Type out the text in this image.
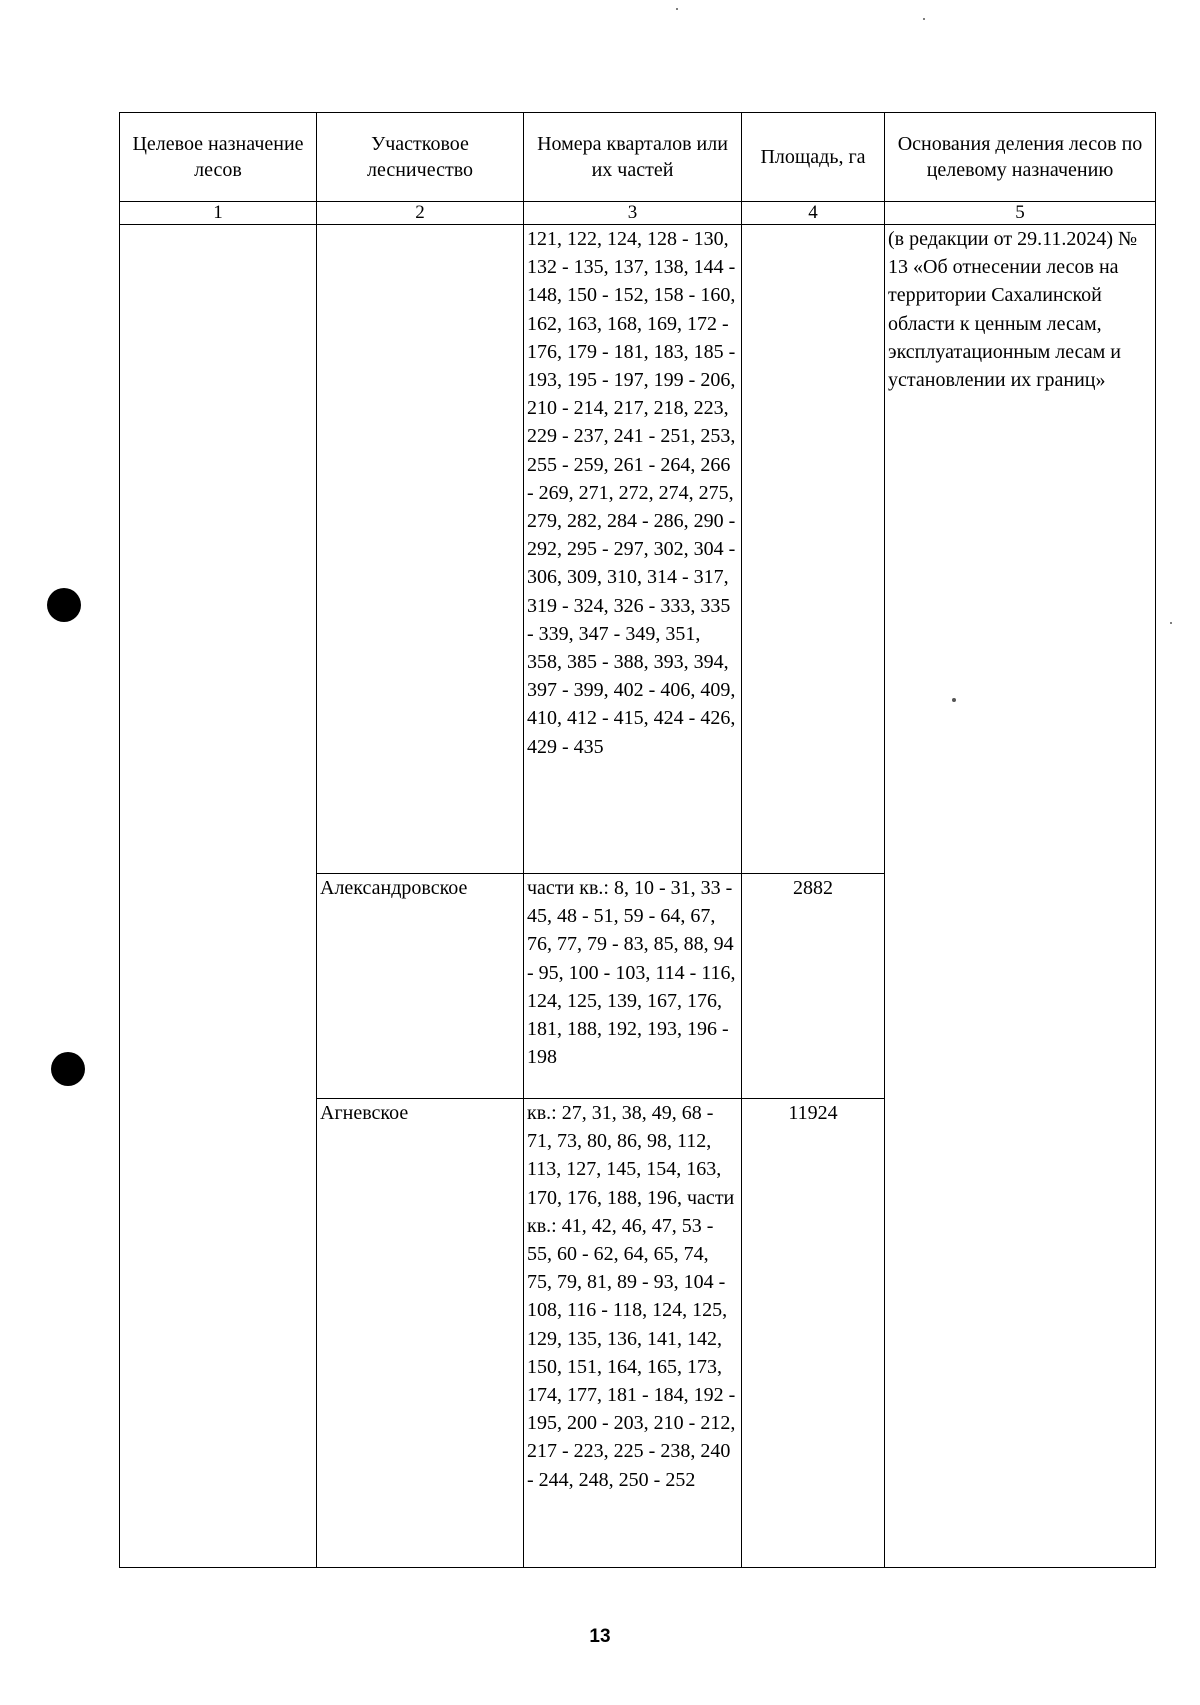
Целевое назначение лесов	Участковое лесничество	Номера кварталов или их частей	Площадь, га	Основания деления лесов по целевому назначению
1	2	3	4	5
		121, 122, 124, 128 - 130, 132 - 135, 137, 138, 144 - 148, 150 - 152, 158 - 160, 162, 163, 168, 169, 172 - 176, 179 - 181, 183, 185 - 193, 195 - 197, 199 - 206, 210 - 214, 217, 218, 223, 229 - 237, 241 - 251, 253, 255 - 259, 261 - 264, 266 - 269, 271, 272, 274, 275, 279, 282, 284 - 286, 290 - 292, 295 - 297, 302, 304 - 306, 309, 310, 314 - 317, 319 - 324, 326 - 333, 335 - 339, 347 - 349, 351, 358, 385 - 388, 393, 394, 397 - 399, 402 - 406, 409, 410, 412 - 415, 424 - 426, 429 - 435		(в редакции от 29.11.2024) № 13 «Об отнесении лесов на территории Сахалинской области к ценным лесам, эксплуатационным лесам и установлении их границ»
	Александровское	части кв.: 8, 10 - 31, 33 - 45, 48 - 51, 59 - 64, 67, 76, 77, 79 - 83, 85, 88, 94 - 95, 100 - 103, 114 - 116, 124, 125, 139, 167, 176, 181, 188, 192, 193, 196 - 198	2882	
	Агневское	кв.: 27, 31, 38, 49, 68 - 71, 73, 80, 86, 98, 112, 113, 127, 145, 154, 163, 170, 176, 188, 196, части кв.: 41, 42, 46, 47, 53 - 55, 60 - 62, 64, 65, 74, 75, 79, 81, 89 - 93, 104 - 108, 116 - 118, 124, 125, 129, 135, 136, 141, 142, 150, 151, 164, 165, 173, 174, 177, 181 - 184, 192 - 195, 200 - 203, 210 - 212, 217 - 223, 225 - 238, 240 - 244, 248, 250 - 252	11924	
13
